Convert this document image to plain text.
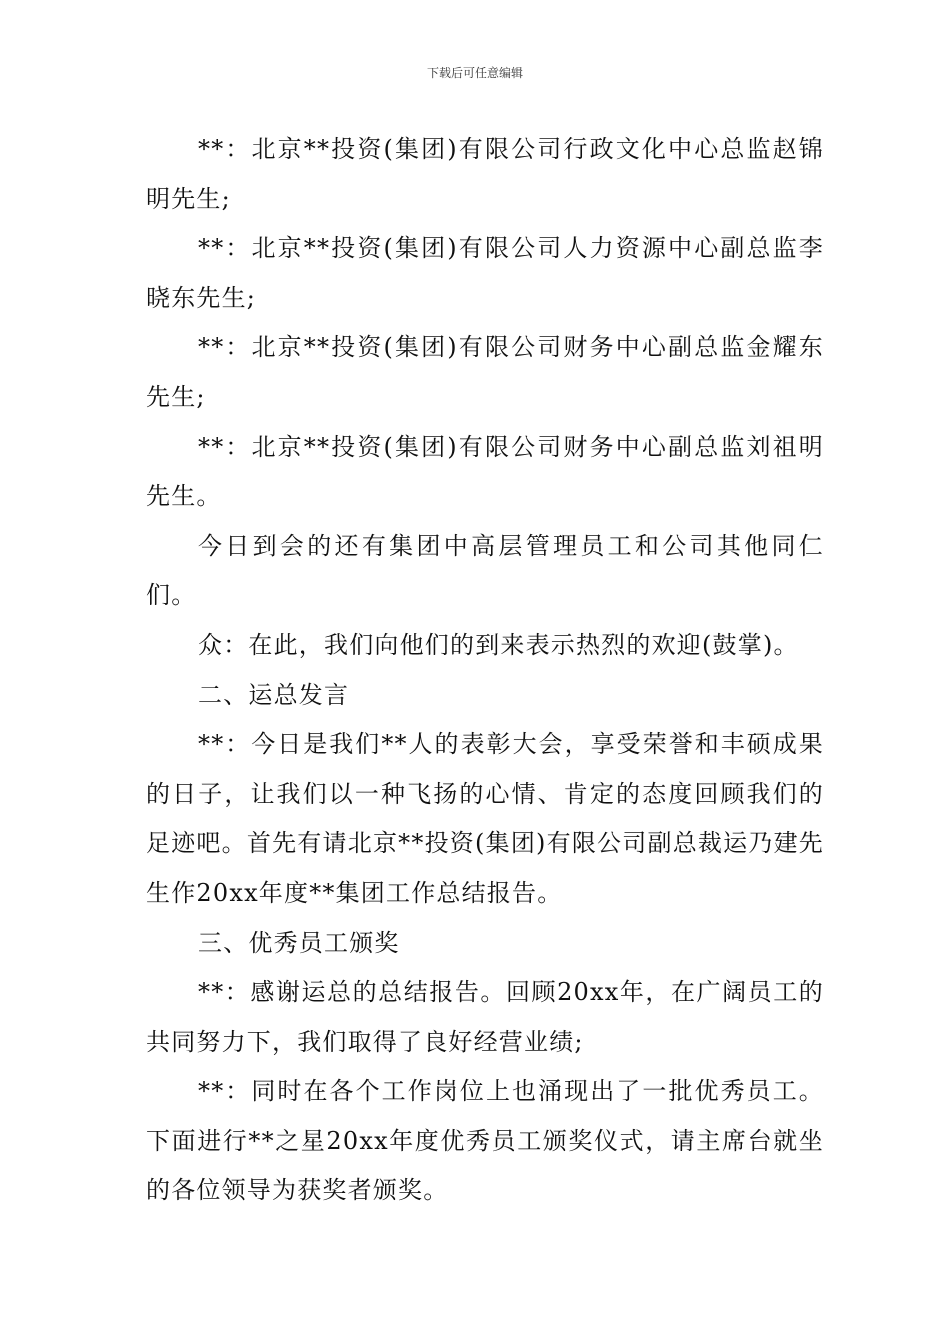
下载后可任意编辑

**：北京**投资(集团)有限公司行政文化中心总监赵锦明先生;

**：北京**投资(集团)有限公司人力资源中心副总监李晓东先生;

**：北京**投资(集团)有限公司财务中心副总监金耀东先生;

**：北京**投资(集团)有限公司财务中心副总监刘祖明先生。

今日到会的还有集团中高层管理员工和公司其他同仁们。

众：在此，我们向他们的到来表示热烈的欢迎(鼓掌)。

二、运总发言

**：今日是我们**人的表彰大会，享受荣誉和丰硕成果的日子，让我们以一种飞扬的心情、肯定的态度回顾我们的足迹吧。首先有请北京**投资(集团)有限公司副总裁运乃建先生作20xx年度**集团工作总结报告。

三、优秀员工颁奖

**：感谢运总的总结报告。回顾20xx年，在广阔员工的共同努力下，我们取得了良好经营业绩;

**：同时在各个工作岗位上也涌现出了一批优秀员工。下面进行**之星20xx年度优秀员工颁奖仪式，请主席台就坐的各位领导为获奖者颁奖。
